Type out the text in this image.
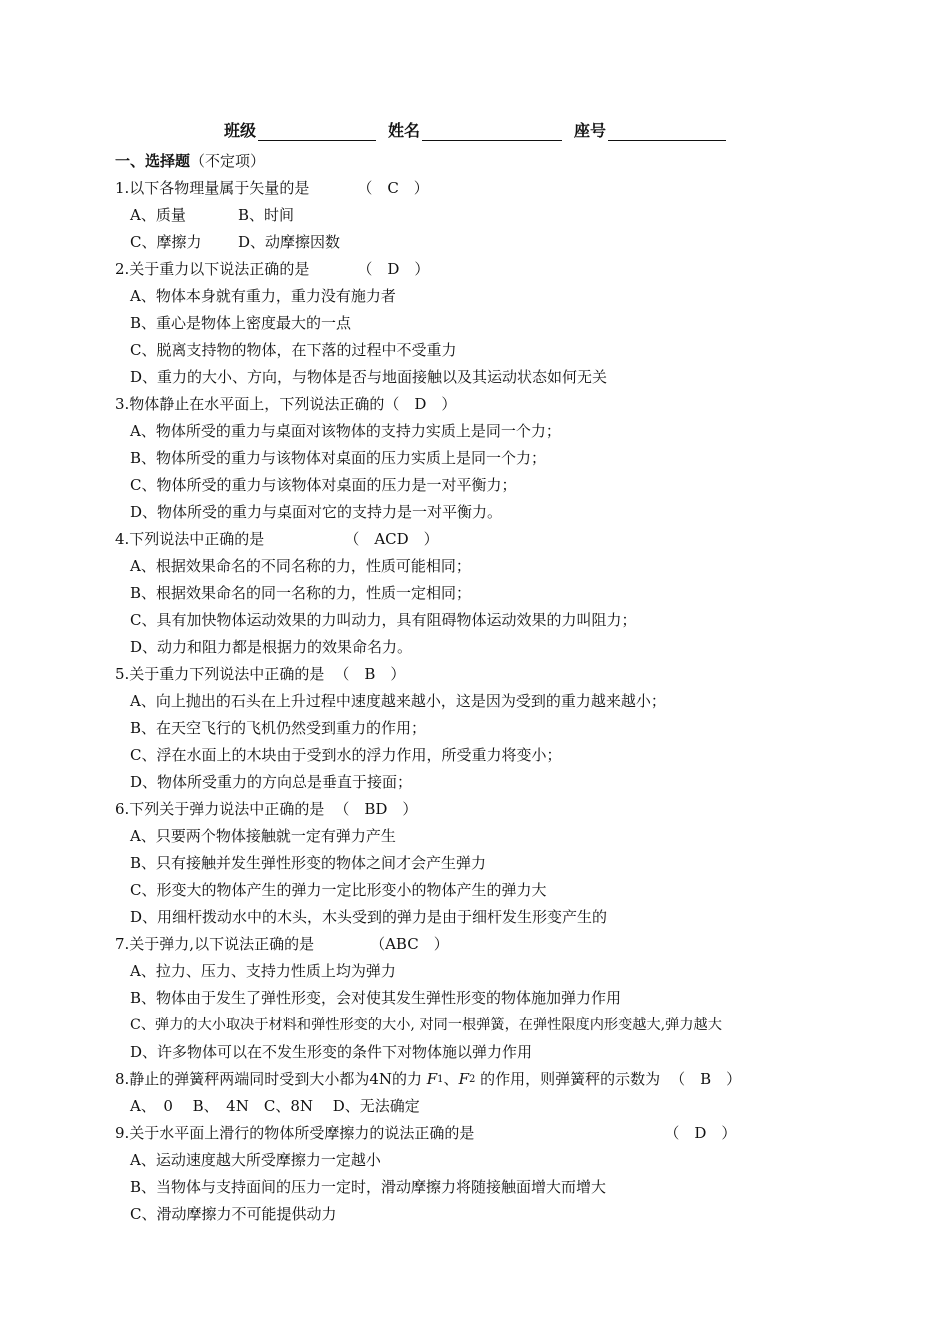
班级	姓名	座号
一、选择题（不定项）
1.以下各物理量属于矢量的是	（　C　）
A、质量	B、时间
C、摩擦力 D、动摩擦因数
2.关于重力以下说法正确的是	（　D　）
A、物体本身就有重力，重力没有施力者
B、重心是物体上密度最大的一点
C、脱离支持物的物体，在下落的过程中不受重力
D、重力的大小、方向，与物体是否与地面接触以及其运动状态如何无关
3.物体静止在水平面上，下列说法正确的 （　D　）
A、物体所受的重力与桌面对该物体的支持力实质上是同一个力；
B、物体所受的重力与该物体对桌面的压力实质上是同一个力；
C、物体所受的重力与该物体对桌面的压力是一对平衡力；
D、物体所受的重力与桌面对它的支持力是一对平衡力。
4.下列说法中正确的是	（　ACD　）
A、根据效果命名的不同名称的力，性质可能相同；
B、根据效果命名的同一名称的力，性质一定相同；
C、具有加快物体运动效果的力叫动力，具有阻碍物体运动效果的力叫阻力；
D、动力和阻力都是根据力的效果命名力。
5.关于重力下列说法中正确的是 （　B　）
A、向上抛出的石头在上升过程中速度越来越小，这是因为受到的重力越来越小；
B、在天空飞行的飞机仍然受到重力的作用；
C、浮在水面上的木块由于受到水的浮力作用，所受重力将变小；
D、物体所受重力的方向总是垂直于接面；
6.下列关于弹力说法中正确的是 （　BD　）
A、只要两个物体接触就一定有弹力产生
B、只有接触并发生弹性形变的物体之间才会产生弹力
C、形变大的物体产生的弹力一定比形变小的物体产生的弹力大
D、用细杆拨动水中的木头，木头受到的弹力是由于细杆发生形变产生的
7.关于弹力,以下说法正确的是	（ABC　）
A、拉力、压力、支持力性质上均为弹力
B、物体由于发生了弹性形变，会对使其发生弹性形变的物体施加弹力作用
C、弹力的大小取决于材料和弹性形变的大小, 对同一根弹簧，在弹性限度内形变越大,弹力越大
D、许多物体可以在不发生形变的条件下对物体施以弹力作用
8.静止的弹簧秤两端同时受到大小都为4N的力 F 1 、 F 2 的作用，则弹簧秤的示数为 （　B　）
A、　0　 B、　4N　C、8N　 D、无法确定
9.关于水平面上滑行的物体所受摩擦力的说法正确的是	（　D　）
A、运动速度越大所受摩擦力一定越小
B、当物体与支持面间的压力一定时，滑动摩擦力将随接触面增大而增大
C、滑动摩擦力不可能提供动力
